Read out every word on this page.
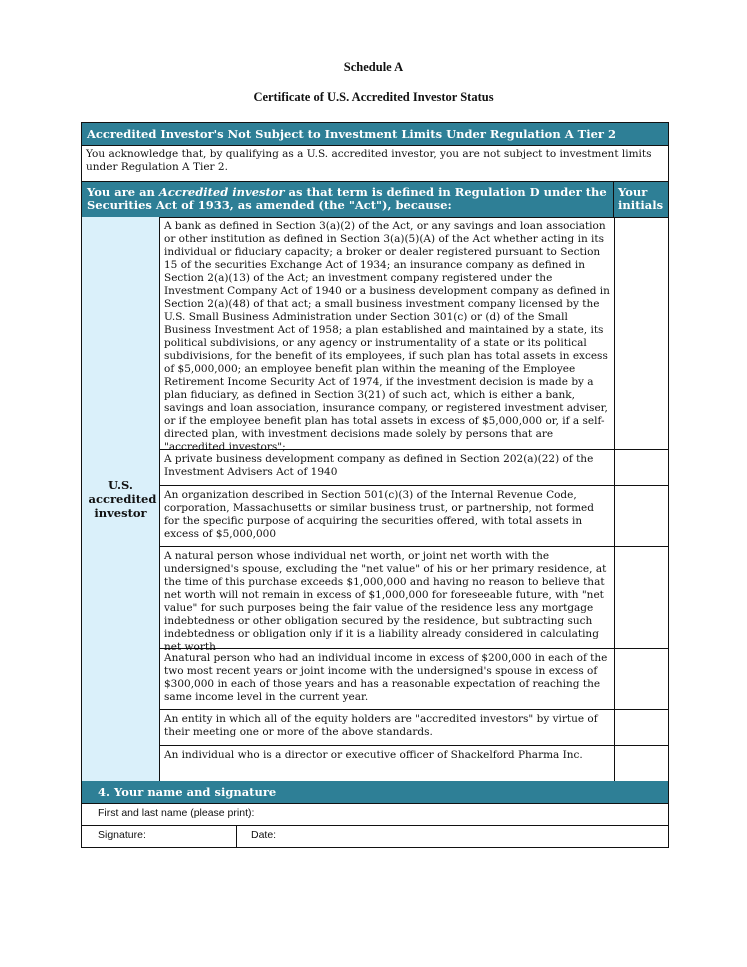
Schedule A
Certificate of U.S. Accredited Investor Status
Accredited Investor's Not Subject to Investment Limits Under Regulation A Tier 2
You acknowledge that, by qualifying as a U.S. accredited investor, you are not subject to investment limits under Regulation A Tier 2.
You are an Accredited investor as that term is defined in Regulation D under the Securities Act of 1933, as amended (the "Act"), because:
Your initials
U.S. accredited investor
A bank as defined in Section 3(a)(2) of the Act, or any savings and loan association or other institution as defined in Section 3(a)(5)(A) of the Act whether acting in its individual or fiduciary capacity; a broker or dealer registered pursuant to Section 15 of the securities Exchange Act of 1934; an insurance company as defined in Section 2(a)(13) of the Act; an investment company registered under the Investment Company Act of 1940 or a business development company as defined in Section 2(a)(48) of that act; a small business investment company licensed by the U.S. Small Business Administration under Section 301(c) or (d) of the Small Business Investment Act of 1958; a plan established and maintained by a state, its political subdivisions, or any agency or instrumentality of a state or its political subdivisions, for the benefit of its employees, if such plan has total assets in excess of $5,000,000; an employee benefit plan within the meaning of the Employee Retirement Income Security Act of 1974, if the investment decision is made by a plan fiduciary, as defined in Section 3(21) of such act, which is either a bank, savings and loan association, insurance company, or registered investment adviser, or if the employee benefit plan has total assets in excess of $5,000,000 or, if a self-directed plan, with investment decisions made solely by persons that are "accredited investors";
A private business development company as defined in Section 202(a)(22) of the Investment Advisers Act of 1940
An organization described in Section 501(c)(3) of the Internal Revenue Code, corporation, Massachusetts or similar business trust, or partnership, not formed for the specific purpose of acquiring the securities offered, with total assets in excess of $5,000,000
A natural person whose individual net worth, or joint net worth with the undersigned's spouse, excluding the "net value" of his or her primary residence, at the time of this purchase exceeds $1,000,000 and having no reason to believe that net worth will not remain in excess of $1,000,000 for foreseeable future, with "net value" for such purposes being the fair value of the residence less any mortgage indebtedness or other obligation secured by the residence, but subtracting such indebtedness or obligation only if it is a liability already considered in calculating net worth
Anatural person who had an individual income in excess of $200,000 in each of the two most recent years or joint income with the undersigned's spouse in excess of $300,000 in each of those years and has a reasonable expectation of reaching the same income level in the current year.
An entity in which all of the equity holders are "accredited investors" by virtue of their meeting one or more of the above standards.
An individual who is a director or executive officer of Shackelford Pharma Inc.
4. Your name and signature
First and last name (please print):
Signature:	Date:
